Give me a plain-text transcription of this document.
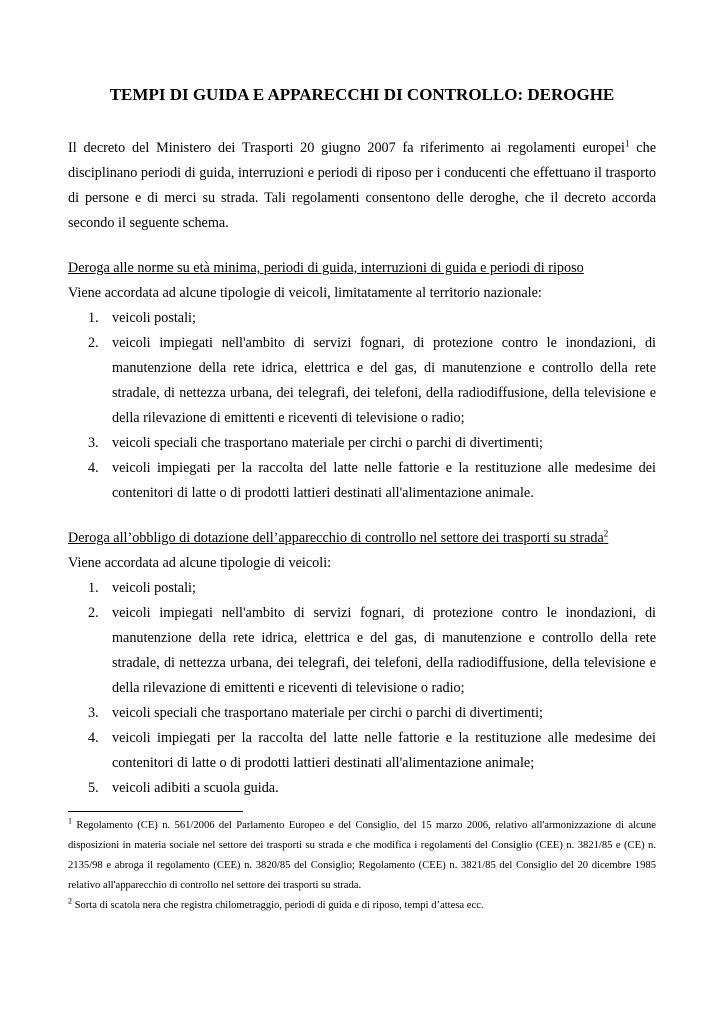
TEMPI DI GUIDA E APPARECCHI DI CONTROLLO: DEROGHE

Il decreto del Ministero dei Trasporti 20 giugno 2007 fa riferimento ai regolamenti europei$^1$ che disciplinano periodi di guida, interruzioni e periodi di riposo per i conducenti che effettuano il trasporto di persone e di merci su strada. Tali regolamenti consentono delle deroghe, che il decreto accorda secondo il seguente schema.

Deroga alle norme su età minima, periodi di guida, interruzioni di guida e periodi di riposo

Viene accordata ad alcune tipologie di veicoli, limitatamente al territorio nazionale:

1. veicoli postali;
2. veicoli impiegati nell'ambito di servizi fognari, di protezione contro le inondazioni, di manutenzione della rete idrica, elettrica e del gas, di manutenzione e controllo della rete stradale, di nettezza urbana, dei telegrafi, dei telefoni, della radiodiffusione, della televisione e della rilevazione di emittenti e riceventi di televisione o radio;
3. veicoli speciali che trasportano materiale per circhi o parchi di divertimenti;
4. veicoli impiegati per la raccolta del latte nelle fattorie e la restituzione alle medesime dei contenitori di latte o di prodotti lattieri destinati all'alimentazione animale.

Deroga all’obbligo di dotazione dell’apparecchio di controllo nel settore dei trasporti su strada$^2$

Viene accordata ad alcune tipologie di veicoli:

1. veicoli postali;
2. veicoli impiegati nell'ambito di servizi fognari, di protezione contro le inondazioni, di manutenzione della rete idrica, elettrica e del gas, di manutenzione e controllo della rete stradale, di nettezza urbana, dei telegrafi, dei telefoni, della radiodiffusione, della televisione e della rilevazione di emittenti e riceventi di televisione o radio;
3. veicoli speciali che trasportano materiale per circhi o parchi di divertimenti;
4. veicoli impiegati per la raccolta del latte nelle fattorie e la restituzione alle medesime dei contenitori di latte o di prodotti lattieri destinati all'alimentazione animale;
5. veicoli adibiti a scuola guida.

$^1$ Regolamento (CE) n. 561/2006 del Parlamento Europeo e del Consiglio, del 15 marzo 2006, relativo all'armonizzazione di alcune disposizioni in materia sociale nel settore dei trasporti su strada e che modifica i regolamenti del Consiglio (CEE) n. 3821/85 e (CE) n. 2135/98 e abroga il regolamento (CEE) n. 3820/85 del Consiglio; Regolamento (CEE) n. 3821/85 del Consiglio del 20 dicembre 1985 relativo all'apparecchio di controllo nel settore dei trasporti su strada.

$^2$ Sorta di scatola nera che registra chilometraggio, periodi di guida e di riposo, tempi d’attesa ecc.
